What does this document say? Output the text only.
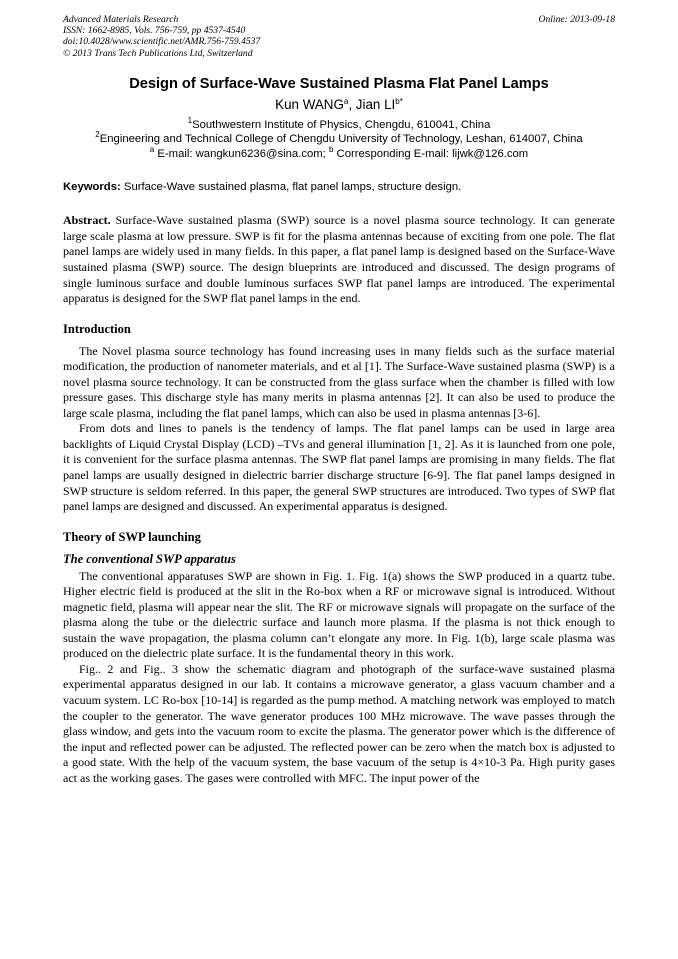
Advanced Materials Research	Online: 2013-09-18
ISSN: 1662-8985, Vols. 756-759, pp 4537-4540
doi:10.4028/www.scientific.net/AMR.756-759.4537
© 2013 Trans Tech Publications Ltd, Switzerland
Design of Surface-Wave Sustained Plasma Flat Panel Lamps
Kun WANG$^a$, Jian $LI^{b*}$
$^1$Southwestern Institute of Physics, Chengdu, 610041, China
$^2$Engineering and Technical College of Chengdu University of Technology, Leshan, 614007, China
$^a$ E-mail: wangkun6236@sina.com; $^b$ Corresponding E-mail: lijwk@126.com
Keywords: Surface-Wave sustained plasma, flat panel lamps, structure design.

Abstract. Surface-Wave sustained plasma (SWP) source is a novel plasma source technology. It can generate large scale plasma at low pressure. SWP is fit for the plasma antennas because of exciting from one pole. The flat panel lamps are widely used in many fields. In this paper, a flat panel lamp is designed based on the Surface-Wave sustained plasma (SWP) source. The design blueprints are introduced and discussed. The design programs of single luminous surface and double luminous surfaces SWP flat panel lamps are introduced. The experimental apparatus is designed for the SWP flat panel lamps in the end.

Introduction

The Novel plasma source technology has found increasing uses in many fields such as the surface material modification, the production of nanometer materials, and et al [1]. The Surface-Wave sustained plasma (SWP) is a novel plasma source technology. It can be constructed from the glass surface when the chamber is filled with low pressure gases. This discharge style has many merits in plasma antennas [2]. It can also be used to produce the large scale plasma, including the flat panel lamps, which can also be used in plasma antennas [3-6].

From dots and lines to panels is the tendency of lamps. The flat panel lamps can be used in large area backlights of Liquid Crystal Display (LCD) –TVs and general illumination [1, 2]. As it is launched from one pole, it is convenient for the surface plasma antennas. The SWP flat panel lamps are promising in many fields. The flat panel lamps are usually designed in dielectric barrier discharge structure [6-9]. The flat panel lamps designed in SWP structure is seldom referred. In this paper, the general SWP structures are introduced. Two types of SWP flat panel lamps are designed and discussed. An experimental apparatus is designed.

Theory of SWP launching
The conventional SWP apparatus

The conventional apparatuses SWP are shown in Fig. 1. Fig. 1(a) shows the SWP produced in a quartz tube. Higher electric field is produced at the slit in the Ro-box when a RF or microwave signal is introduced. Without magnetic field, plasma will appear near the slit. The RF or microwave signals will propagate on the surface of the plasma along the tube or the dielectric surface and launch more plasma. If the plasma is not thick enough to sustain the wave propagation, the plasma column can’t elongate any more. In Fig. 1(b), large scale plasma was produced on the dielectric plate surface. It is the fundamental theory in this work.

Fig.. 2 and Fig.. 3 show the schematic diagram and photograph of the surface-wave sustained plasma experimental apparatus designed in our lab. It contains a microwave generator, a glass vacuum chamber and a vacuum system. LC Ro-box [10-14] is regarded as the pump method. A matching network was employed to match the coupler to the generator. The wave generator produces 100 MHz microwave. The wave passes through the glass window, and gets into the vacuum room to excite the plasma. The generator power which is the difference of the input and reflected power can be adjusted. The reflected power can be zero when the match box is adjusted to a good state. With the help of the vacuum system, the base vacuum of the setup is 4×10-3 Pa. High purity gases act as the working gases. The gases were controlled with MFC. The input power of the
